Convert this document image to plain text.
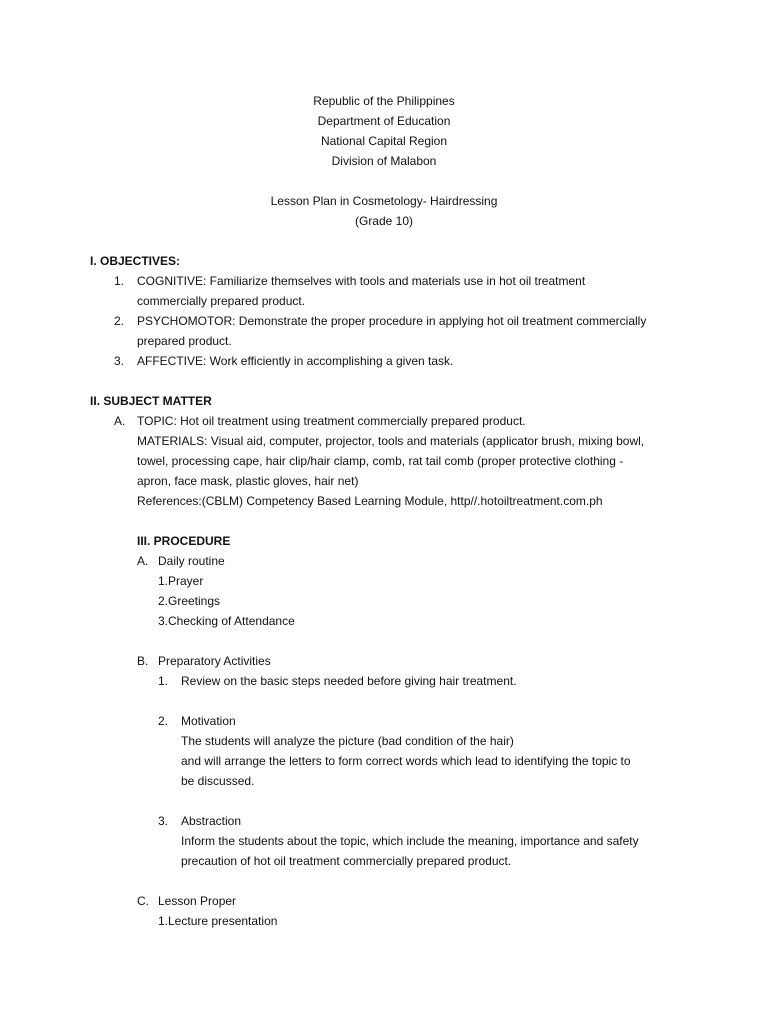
Republic of the Philippines
Department of Education
National Capital Region
Division of Malabon
Lesson Plan in Cosmetology- Hairdressing
(Grade 10)
I. OBJECTIVES:
1. COGNITIVE: Familiarize themselves with tools and materials use in hot oil treatment
commercially prepared product.
2. PSYCHOMOTOR: Demonstrate the proper procedure in applying hot oil treatment commercially
prepared product.
3. AFFECTIVE: Work efficiently in accomplishing a given task.
II. SUBJECT MATTER
A. TOPIC: Hot oil treatment using treatment commercially prepared product.
MATERIALS: Visual aid, computer, projector, tools and materials (applicator brush, mixing bowl,
towel, processing cape, hair clip/hair clamp, comb, rat tail comb (proper protective clothing -
apron, face mask, plastic gloves, hair net)
References:(CBLM) Competency Based Learning Module, http//.hotoiltreatment.com.ph
III. PROCEDURE
A. Daily routine
1.Prayer
2.Greetings
3.Checking of Attendance
B. Preparatory Activities
1. Review on the basic steps needed before giving hair treatment.
2. Motivation
The students will analyze the picture (bad condition of the hair)
and will arrange the letters to form correct words which lead to identifying the topic to
be discussed.
3. Abstraction
Inform the students about the topic, which include the meaning, importance and safety
precaution of hot oil treatment commercially prepared product.
C. Lesson Proper
1.Lecture presentation
